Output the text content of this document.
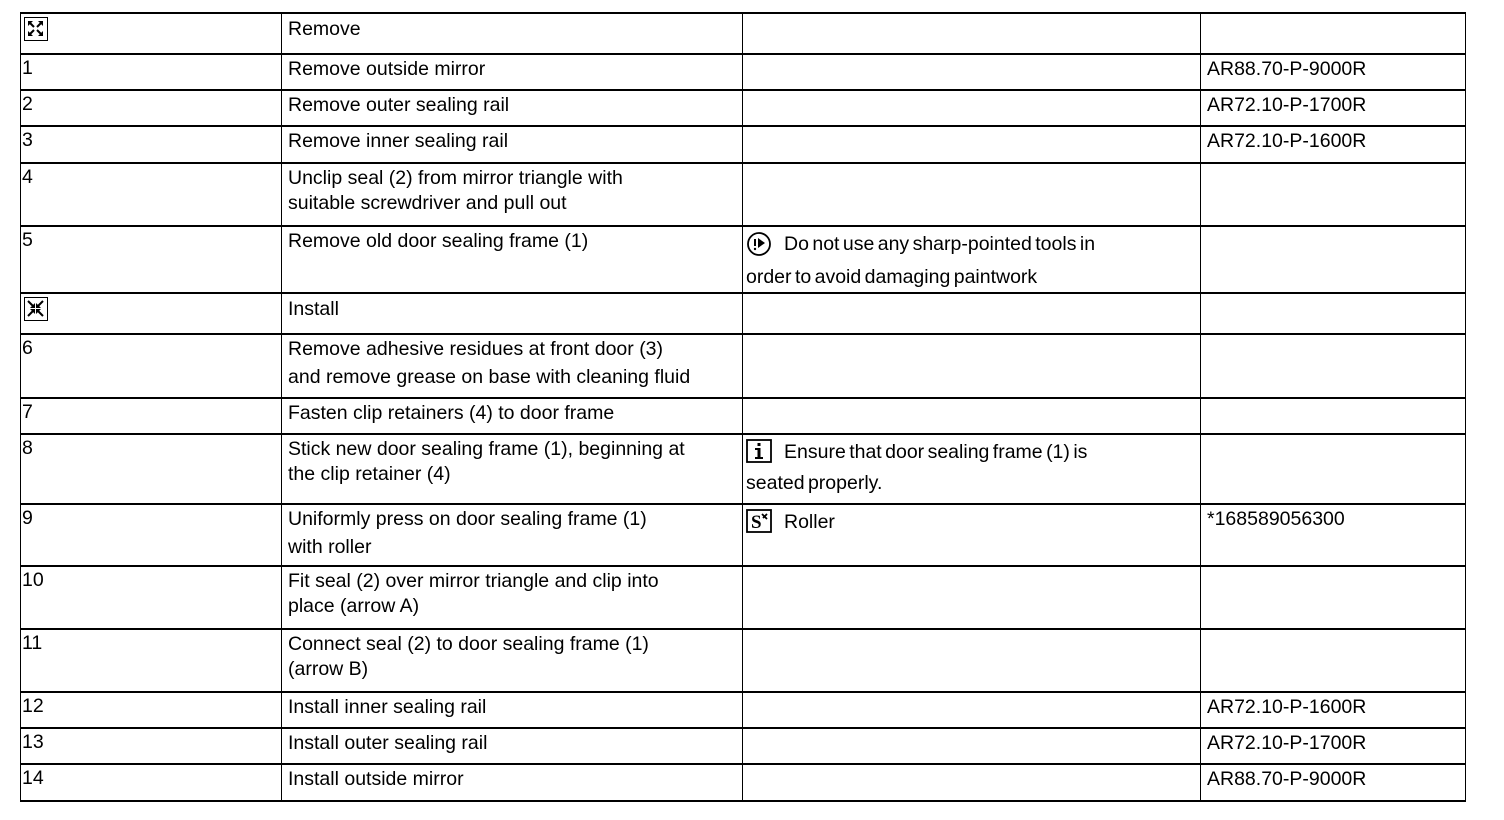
Remove		

1	Remove outside mirror		AR88.70-P-9000R

2	Remove outer sealing rail		AR72.10-P-1700R

3	Remove inner sealing rail		AR72.10-P-1600R

4	Unclip seal (2) from mirror triangle with
suitable screwdriver and pull out		

5	Remove old door sealing frame (1)	Do not use any sharp-pointed tools in
order to avoid damaging paintwork	

Install		

6	Remove adhesive residues at front door (3)
and remove grease on base with cleaning fluid		

7	Fasten clip retainers (4) to door frame		

8	Stick new door sealing frame (1), beginning at
the clip retainer (4)	Ensure that door sealing frame (1) is
seated properly.	

9	Uniformly press on door sealing frame (1)
with roller	S Roller	*168589056300

10	Fit seal (2) over mirror triangle and clip into
place (arrow A)		

11	Connect seal (2) to door sealing frame (1)
(arrow B)		

12	Install inner sealing rail		AR72.10-P-1600R

13	Install outer sealing rail		AR72.10-P-1700R

14	Install outside mirror		AR88.70-P-9000R
